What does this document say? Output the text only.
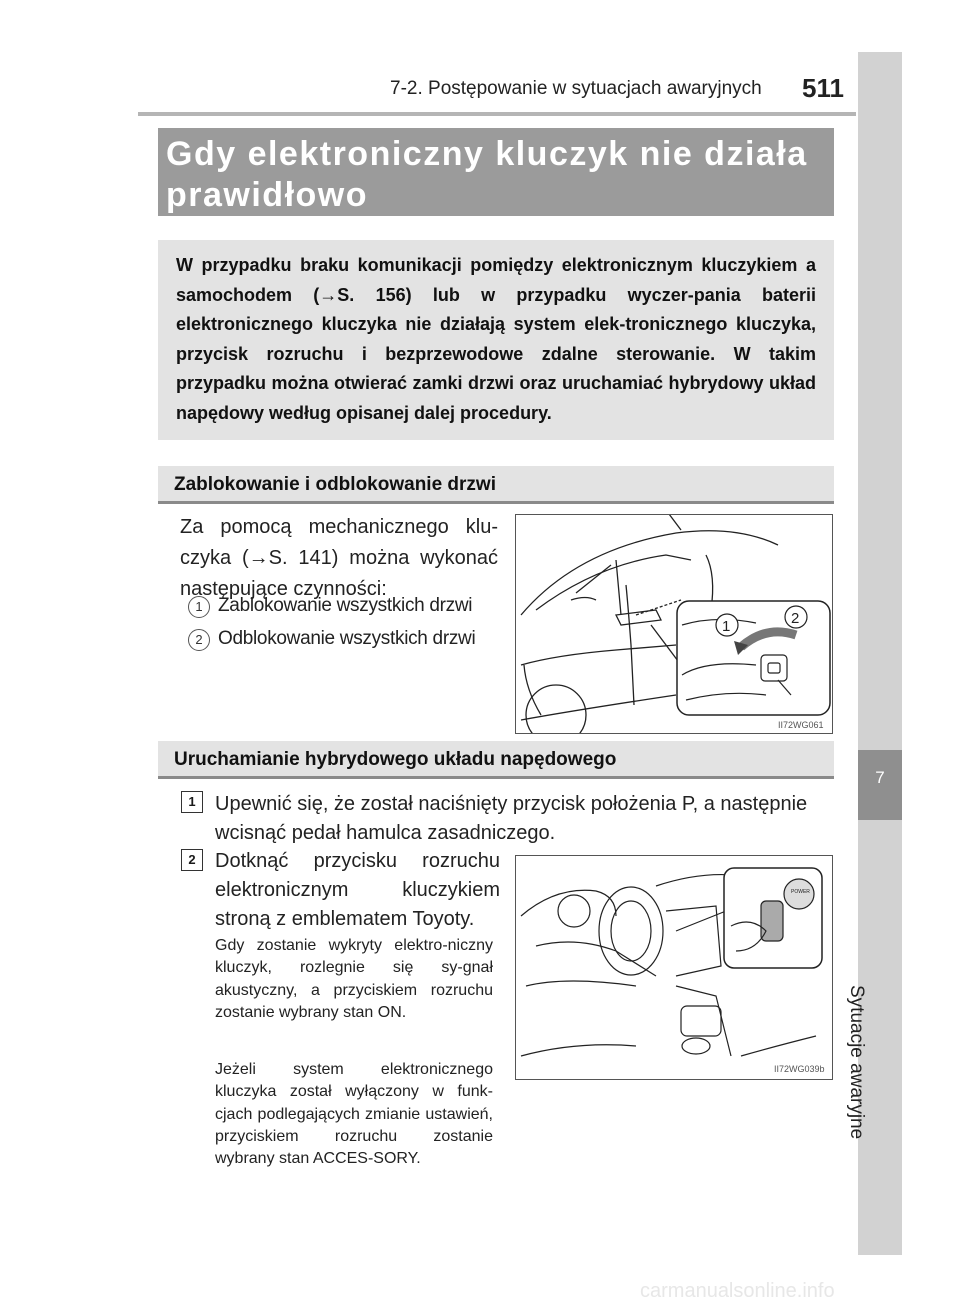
7-2. Postępowanie w sytuacjach awaryjnych 511
7
Sytuacje awaryjne
Gdy elektroniczny kluczyk nie działa prawidłowo
W przypadku braku komunikacji pomiędzy elektronicznym kluczykiem a samochodem (→S. 156) lub w przypadku wyczer-pania baterii elektronicznego kluczyka nie działają system elek-tronicznego kluczyka, przycisk rozruchu i bezprzewodowe zdalne sterowanie. W takim przypadku można otwierać zamki drzwi oraz uruchamiać hybrydowy układ napędowy według opisanej dalej procedury.
Zablokowanie i odblokowanie drzwi
Za pomocą mechanicznego klu-czyka (→S. 141) można wykonać następujące czynności:
1 Zablokowanie wszystkich drzwi
2 Odblokowanie wszystkich drzwi
1	2
II72WG061
Uruchamianie hybrydowego układu napędowego
1 Upewnić się, że został naciśnięty przycisk położenia P, a następnie wcisnąć pedał hamulca zasadniczego.
2 Dotknąć przycisku rozruchu elektronicznym kluczykiem stroną z emblematem Toyoty.
Gdy zostanie wykryty elektro-niczny kluczyk, rozlegnie się sy-gnał akustyczny, a przyciskiem rozruchu zostanie wybrany stan ON.
Jeżeli system elektronicznego kluczyka został wyłączony w funk-cjach podlegających zmianie ustawień, przyciskiem rozruchu zostanie wybrany stan ACCES-SORY.
POWER
II72WG039b
carmanualsonline.info
